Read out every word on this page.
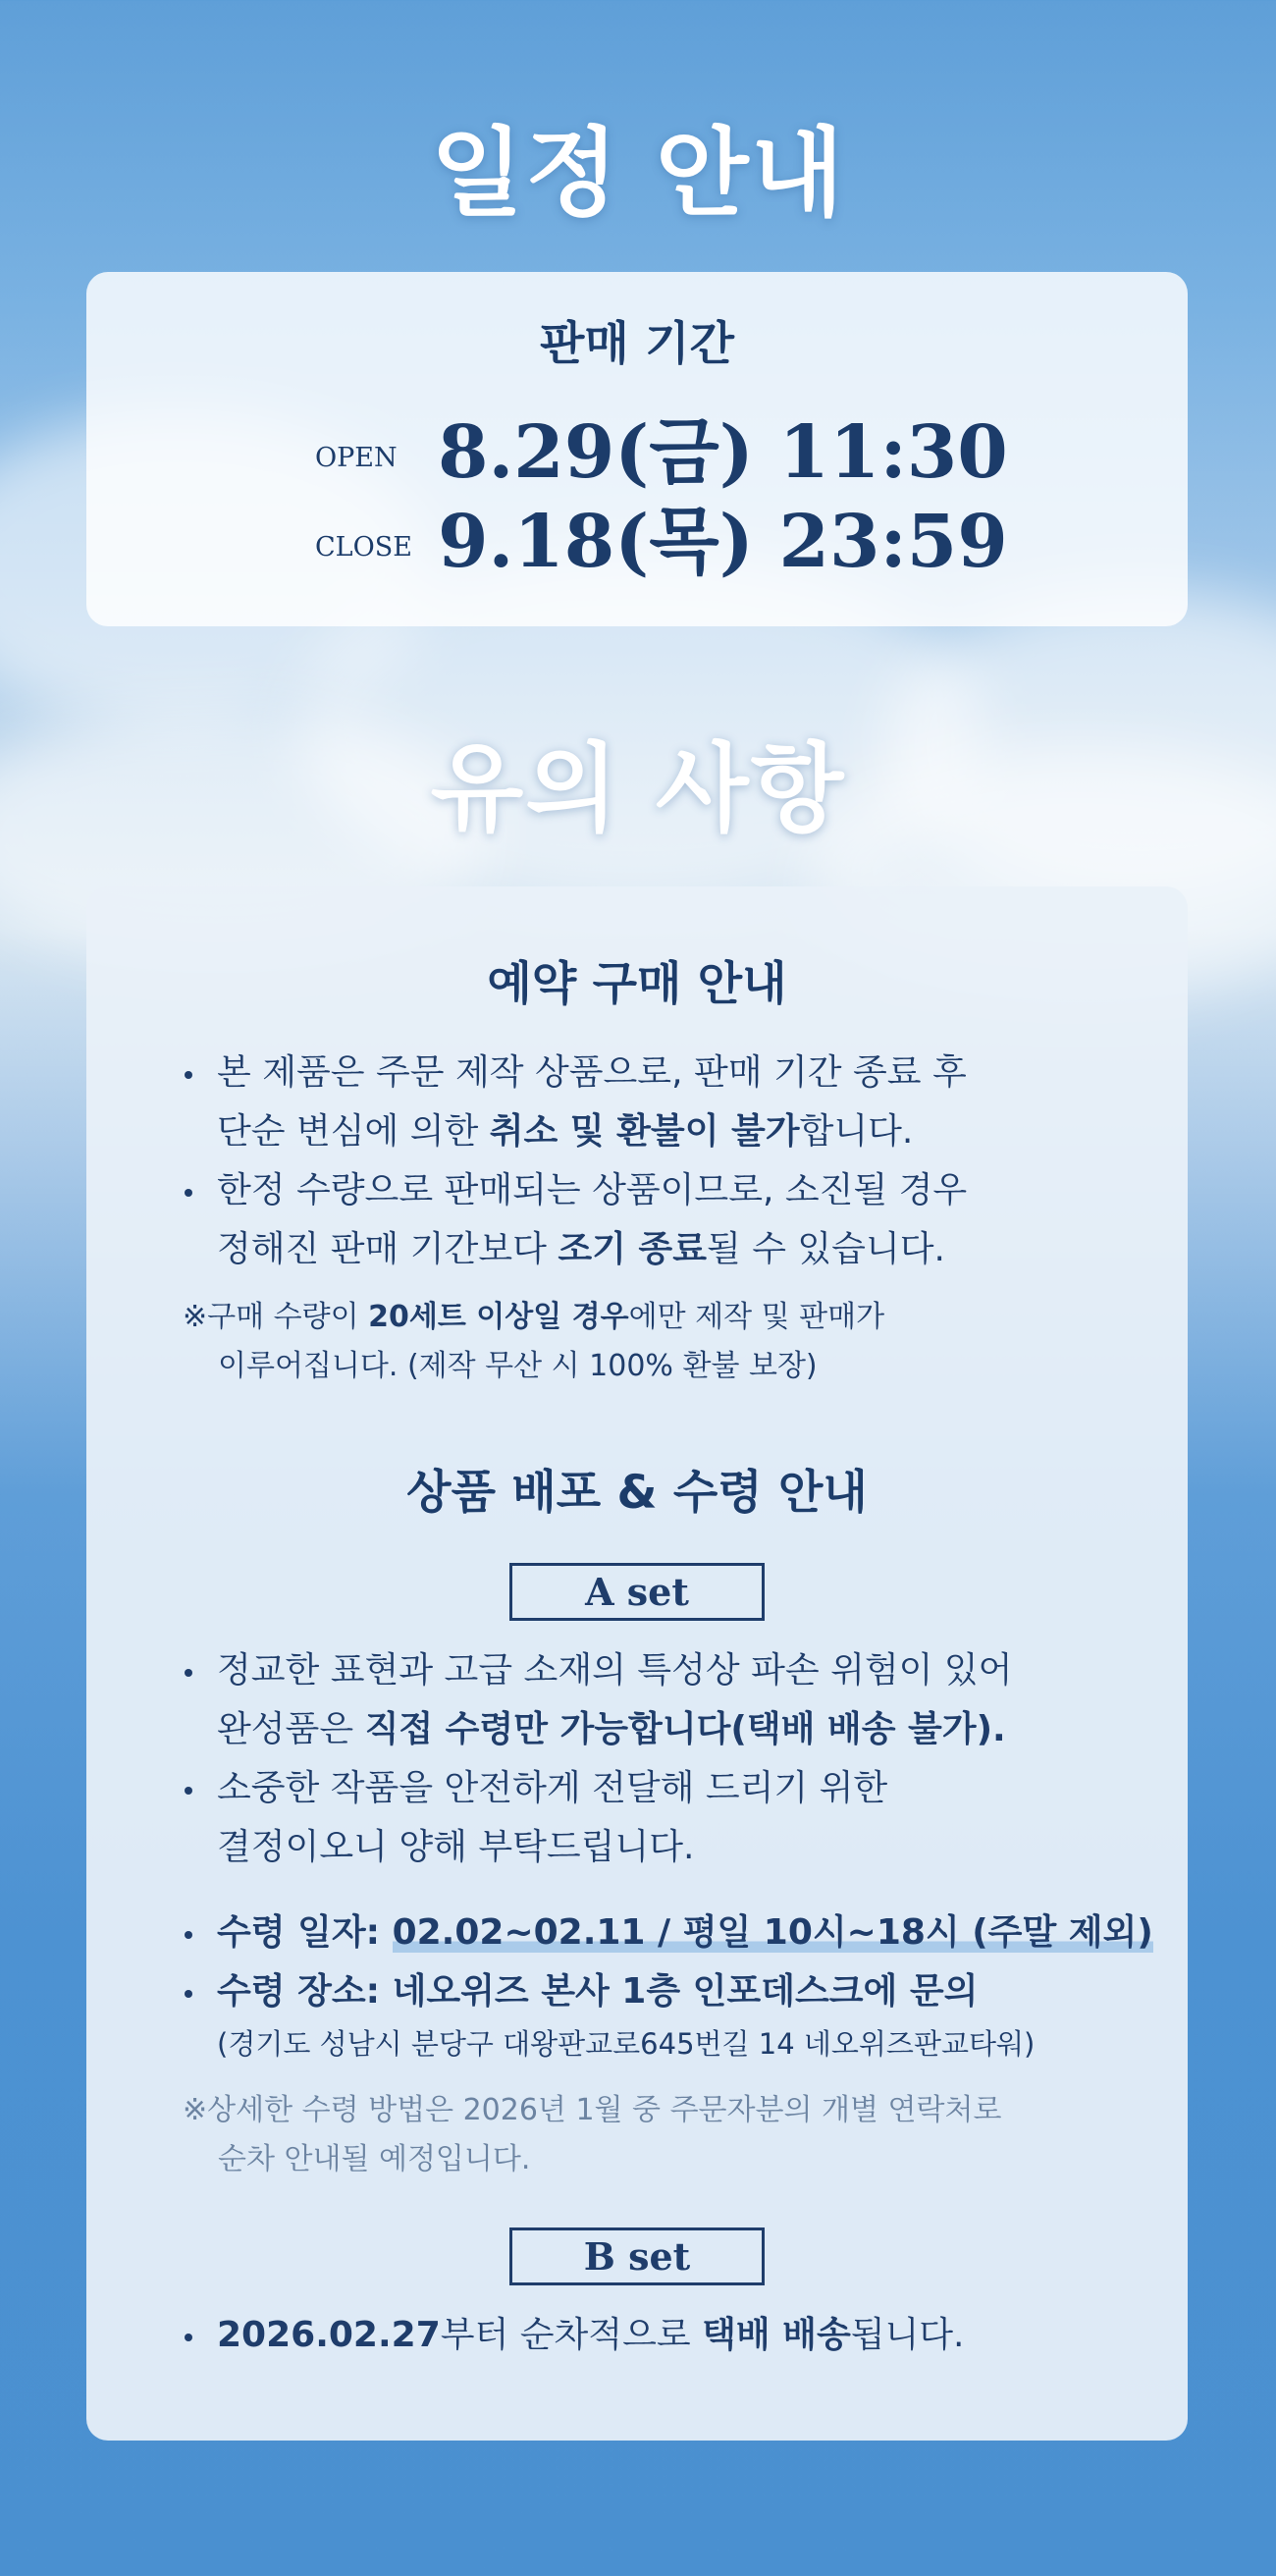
일정 안내
판매 기간
OPEN 8.29(금) 11:30
CLOSE 9.18(목) 23:59
유의 사항
예약 구매 안내
본 제품은 주문 제작 상품으로, 판매 기간 종료 후
단순 변심에 의한 취소 및 환불이 불가합니다.
한정 수량으로 판매되는 상품이므로, 소진될 경우
정해진 판매 기간보다 조기 종료될 수 있습니다.
※구매 수량이 20세트 이상일 경우에만 제작 및 판매가
이루어집니다. (제작 무산 시 100% 환불 보장)
상품 배포 & 수령 안내
A set
정교한 표현과 고급 소재의 특성상 파손 위험이 있어
완성품은 직접 수령만 가능합니다(택배 배송 불가).
소중한 작품을 안전하게 전달해 드리기 위한
결정이오니 양해 부탁드립니다.
수령 일자: 02.02~02.11 / 평일 10시~18시 (주말 제외)
수령 장소: 네오위즈 본사 1층 인포데스크에 문의
(경기도 성남시 분당구 대왕판교로645번길 14 네오위즈판교타워)
※상세한 수령 방법은 2026년 1월 중 주문자분의 개별 연락처로
순차 안내될 예정입니다.
B set
2026.02.27부터 순차적으로 택배 배송됩니다.
